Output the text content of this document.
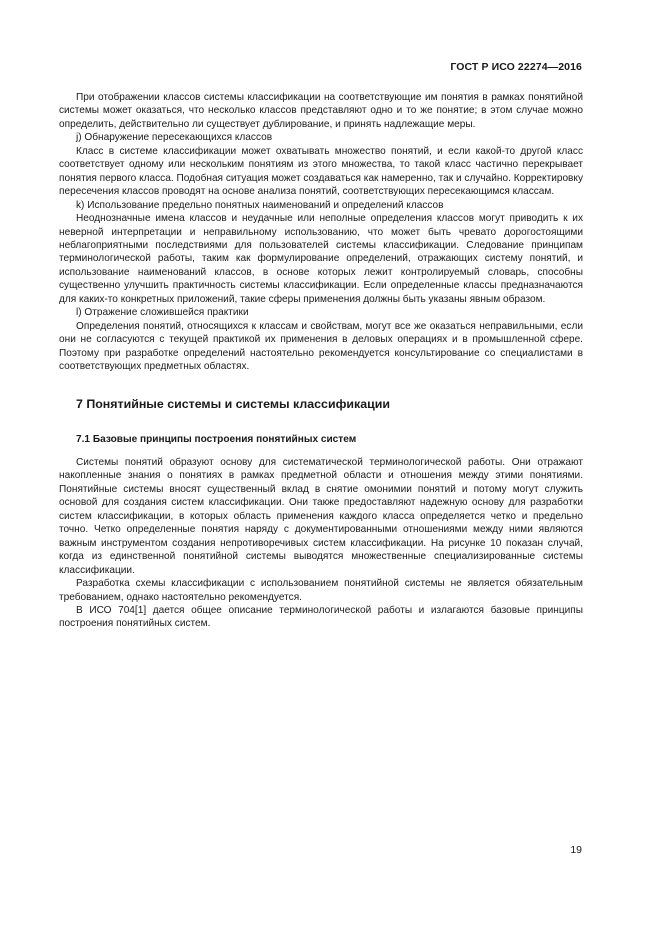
ГОСТ Р ИСО 22274—2016

При отображении классов системы классификации на соответствующие им понятия в рамках понятийной системы может оказаться, что несколько классов представляют одно и то же понятие; в этом случае можно определить, действительно ли существует дублирование, и принять надлежащие меры.

j) Обнаружение пересекающихся классов

Класс в системе классификации может охватывать множество понятий, и если какой-то другой класс соответствует одному или нескольким понятиям из этого множества, то такой класс частично перекрывает понятия первого класса. Подобная ситуация может создаваться как намеренно, так и случайно. Корректировку пересечения классов проводят на основе анализа понятий, соответствующих пересекающимся классам.

k) Использование предельно понятных наименований и определений классов

Неоднозначные имена классов и неудачные или неполные определения классов могут приводить к их неверной интерпретации и неправильному использованию, что может быть чревато дорогостоящими неблагоприятными последствиями для пользователей системы классификации. Следование принципам терминологической работы, таким как формулирование определений, отражающих систему понятий, и использование наименований классов, в основе которых лежит контролируемый словарь, способны существенно улучшить практичность системы классификации. Если определенные классы предназначаются для каких-то конкретных приложений, такие сферы применения должны быть указаны явным образом.

l) Отражение сложившейся практики

Определения понятий, относящихся к классам и свойствам, могут все же оказаться неправильными, если они не согласуются с текущей практикой их применения в деловых операциях и в промышленной сфере. Поэтому при разработке определений настоятельно рекомендуется консультирование со специалистами в соответствующих предметных областях.

7 Понятийные системы и системы классификации
7.1 Базовые принципы построения понятийных систем

Системы понятий образуют основу для систематической терминологической работы. Они отражают накопленные знания о понятиях в рамках предметной области и отношения между этими понятиями. Понятийные системы вносят существенный вклад в снятие омонимии понятий и потому могут служить основой для создания систем классификации. Они также предоставляют надежную основу для разработки систем классификации, в которых область применения каждого класса определяется четко и предельно точно. Четко определенные понятия наряду с документированными отношениями между ними являются важным инструментом создания непротиворечивых систем классификации. На рисунке 10 показан случай, когда из единственной понятийной системы выводятся множественные специализированные системы классификации.

Разработка схемы классификации с использованием понятийной системы не является обязательным требованием, однако настоятельно рекомендуется.

В ИСО 704[1] дается общее описание терминологической работы и излагаются базовые принципы построения понятийных систем.

19
